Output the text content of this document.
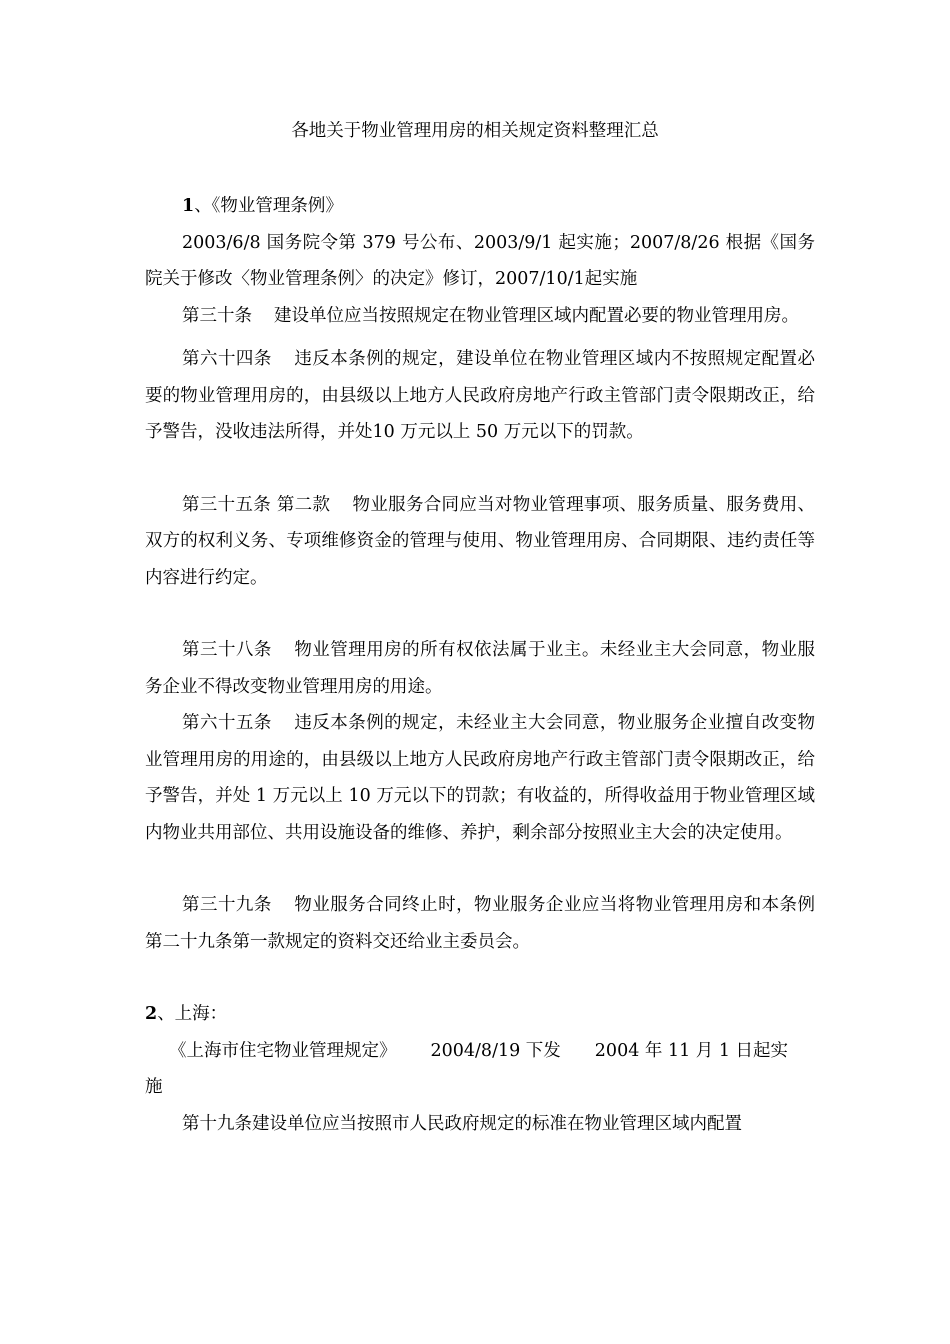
各地关于物业管理用房的相关规定资料整理汇总

1、《物业管理条例》

2003/6/8 国务院令第 379 号公布、2003/9/1 起实施；2007/8/26 根据《国务院关于修改〈物业管理条例〉的决定》修订，2007/10/1起实施

第三十条 建设单位应当按照规定在物业管理区域内配置必要的物业管理用房。

第六十四条 违反本条例的规定，建设单位在物业管理区域内不按照规定配置必要的物业管理用房的，由县级以上地方人民政府房地产行政主管部门责令限期改正，给予警告，没收违法所得，并处10 万元以上 50 万元以下的罚款。

第三十五条 第二款 物业服务合同应当对物业管理事项、服务质量、服务费用、双方的权利义务、专项维修资金的管理与使用、物业管理用房、合同期限、违约责任等内容进行约定。

第三十八条 物业管理用房的所有权依法属于业主。未经业主大会同意，物业服务企业不得改变物业管理用房的用途。

第六十五条 违反本条例的规定，未经业主大会同意，物业服务企业擅自改变物业管理用房的用途的，由县级以上地方人民政府房地产行政主管部门责令限期改正，给予警告，并处 1 万元以上 10 万元以下的罚款；有收益的，所得收益用于物业管理区域内物业共用部位、共用设施设备的维修、养护，剩余部分按照业主大会的决定使用。

第三十九条 物业服务合同终止时，物业服务企业应当将物业管理用房和本条例第二十九条第一款规定的资料交还给业主委员会。

2、上海：

《上海市住宅物业管理规定》 2004/8/19 下发 2004 年 11 月 1 日起实

施

第十九条建设单位应当按照市人民政府规定的标准在物业管理区域内配置
